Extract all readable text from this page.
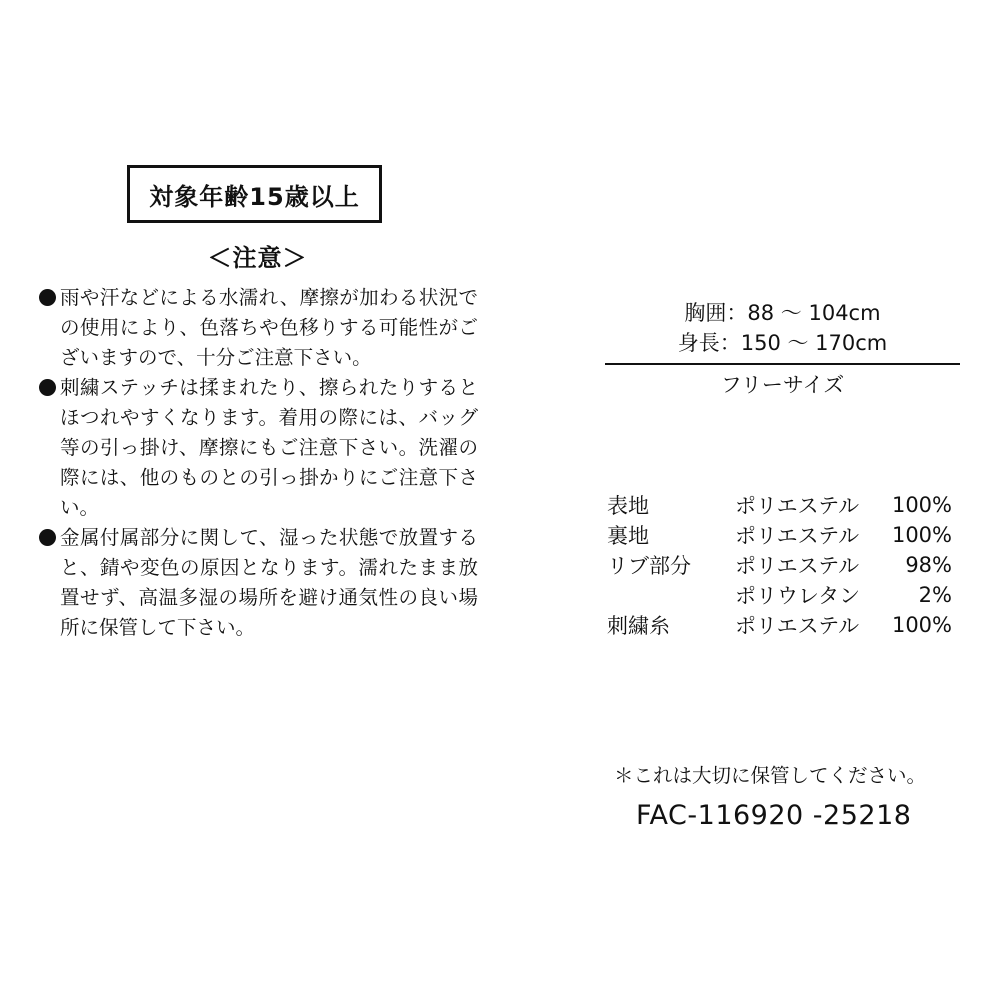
対象年齢15歳以上
＜注意＞
雨や汗などによる水濡れ、摩擦が加わる状況での使用により、色落ちや色移りする可能性がございますので、十分ご注意下さい。
刺繍ステッチは揉まれたり、擦られたりするとほつれやすくなります。着用の際には、バッグ等の引っ掛け、摩擦にもご注意下さい。洗濯の際には、他のものとの引っ掛かりにご注意下さい。
金属付属部分に関して、湿った状態で放置すると、錆や変色の原因となります。濡れたまま放置せず、高温多湿の場所を避け通気性の良い場所に保管して下さい。
胸囲：88 〜 104cm
身長：150 〜 170cm
フリーサイズ
表地	ポリエステル	100%
裏地	ポリエステル	100%
リブ部分	ポリエステル	98%
	ポリウレタン	2%
刺繍糸	ポリエステル	100%
＊これは大切に保管してください。
FAC-116920 -25218
